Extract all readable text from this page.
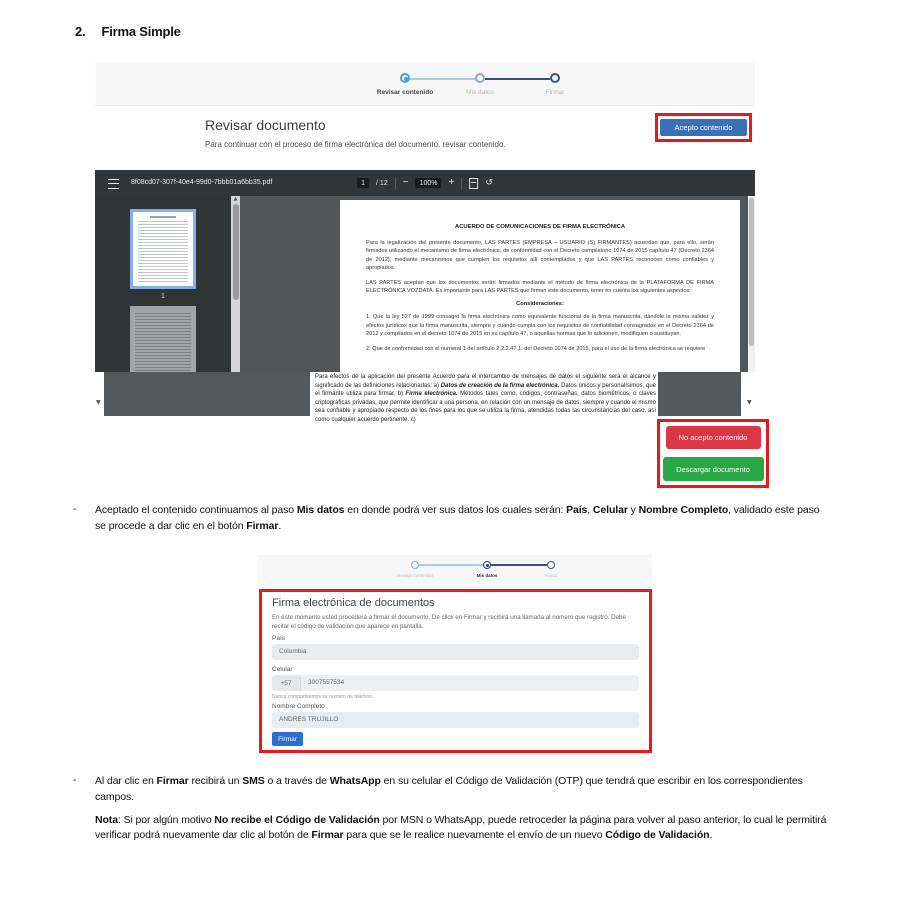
2. Firma Simple
Revisar contenido	Mis datos	Firmar
Revisar documento
Para continuar con el proceso de firma electrónica del documento, revisar contenido.
Acepto contenido
8f08cd07-307f-40e4-99d0-7bbb01a6bb35.pdf	1	/ 12 −	100%	+	↺
1
▲
ACUERDO DE COMUNICACIONES DE FIRMA ELECTRÓNICA

Para la legalización del presente documento, LAS PARTES (EMPRESA – USUARIO (S) FIRMANTES) acuerdan que, para ello, serán firmados utilizando el mecanismo de firma electrónica; de conformidad con el Decreto compilatorio 1074 de 2015 capítulo 47 (Decreto 2364 de 2012), mediante mecanismos que cumplen los requisitos allí contemplados y que LAS PARTES reconocen como confiables y apropiados.

LAS PARTES aceptan que los documentos serán firmados mediante el método de firma electrónica de la PLATAFORMA DE FIRMA ELECTRÓNICA VOZDATA. Es importante para LAS PARTES que firman este documento, tener en cuenta los siguientes aspectos:

Consideraciones:

1. Que la ley 527 de 1999 consagró la firma electrónica como equivalente funcional de la firma manuscrita, dándole la misma validez y efectos jurídicos que la firma manuscrita, siempre y cuando cumpla con los requisitos de confiabilidad consagrados en el Decreto 2364 de 2012 y compilados en el decreto 1074 de 2015 en su capítulo 47, o aquellas normas que lo adicionen, modifiquen o sustituyan.

2. Que de conformidad con el numeral 1 del artículo 2.2.2.47.1. del Decreto 1074 de 2015, para el uso de la firma electrónica se requiere

▼
Para efectos de la aplicación del presente Acuerdo para el intercambio de mensajes de datos el siguiente será el alcance y significado de las definiciones relacionadas: a) Datos de creación de la firma electrónica. Datos únicos y personalísimos, que el firmante utiliza para firmar. b) Firma electrónica. Métodos tales como, códigos, contraseñas, datos biométricos, o claves criptográficas privadas, que permite identificar a una persona, en relación con un mensaje de datos, siempre y cuando el mismo sea confiable y apropiado respecto de los fines para los que se utiliza la firma, atendidas todas las circunstancias del caso, así como cualquier acuerdo pertinente. c)
▼
No acepto contenido
Descargar documento
- Aceptado el contenido continuamos al paso Mis datos en donde podrá ver sus datos los cuales serán: País, Celular y Nombre Completo, validado este paso se procede a dar clic en el botón Firmar.
Revisar contenido	Mis datos	Firmar
Firma electrónica de documentos
En este momento usted procederá a firmar el documento. De click en Firmar y recibirá una llamada al número que registró. Debe recitar el código de validación que aparece en pantalla.
País
Colombia
Celular
+57	3007557534
Nunca compartiremos su número de teléfono.
Nombre Completo
ANDRES TRUJILLO
Firmar
- Al dar clic en Firmar recibirá un SMS o a través de WhatsApp en su celular el Código de Validación (OTP) que tendrá que escribir en los correspondientes campos.
Nota: Si por algún motivo No recibe el Código de Validación por MSN o WhatsApp, puede retroceder la página para volver al paso anterior, lo cual le permitirá verificar podrá nuevamente dar clic al botón de Firmar para que se le realice nuevamente el envío de un nuevo Código de Validación.
